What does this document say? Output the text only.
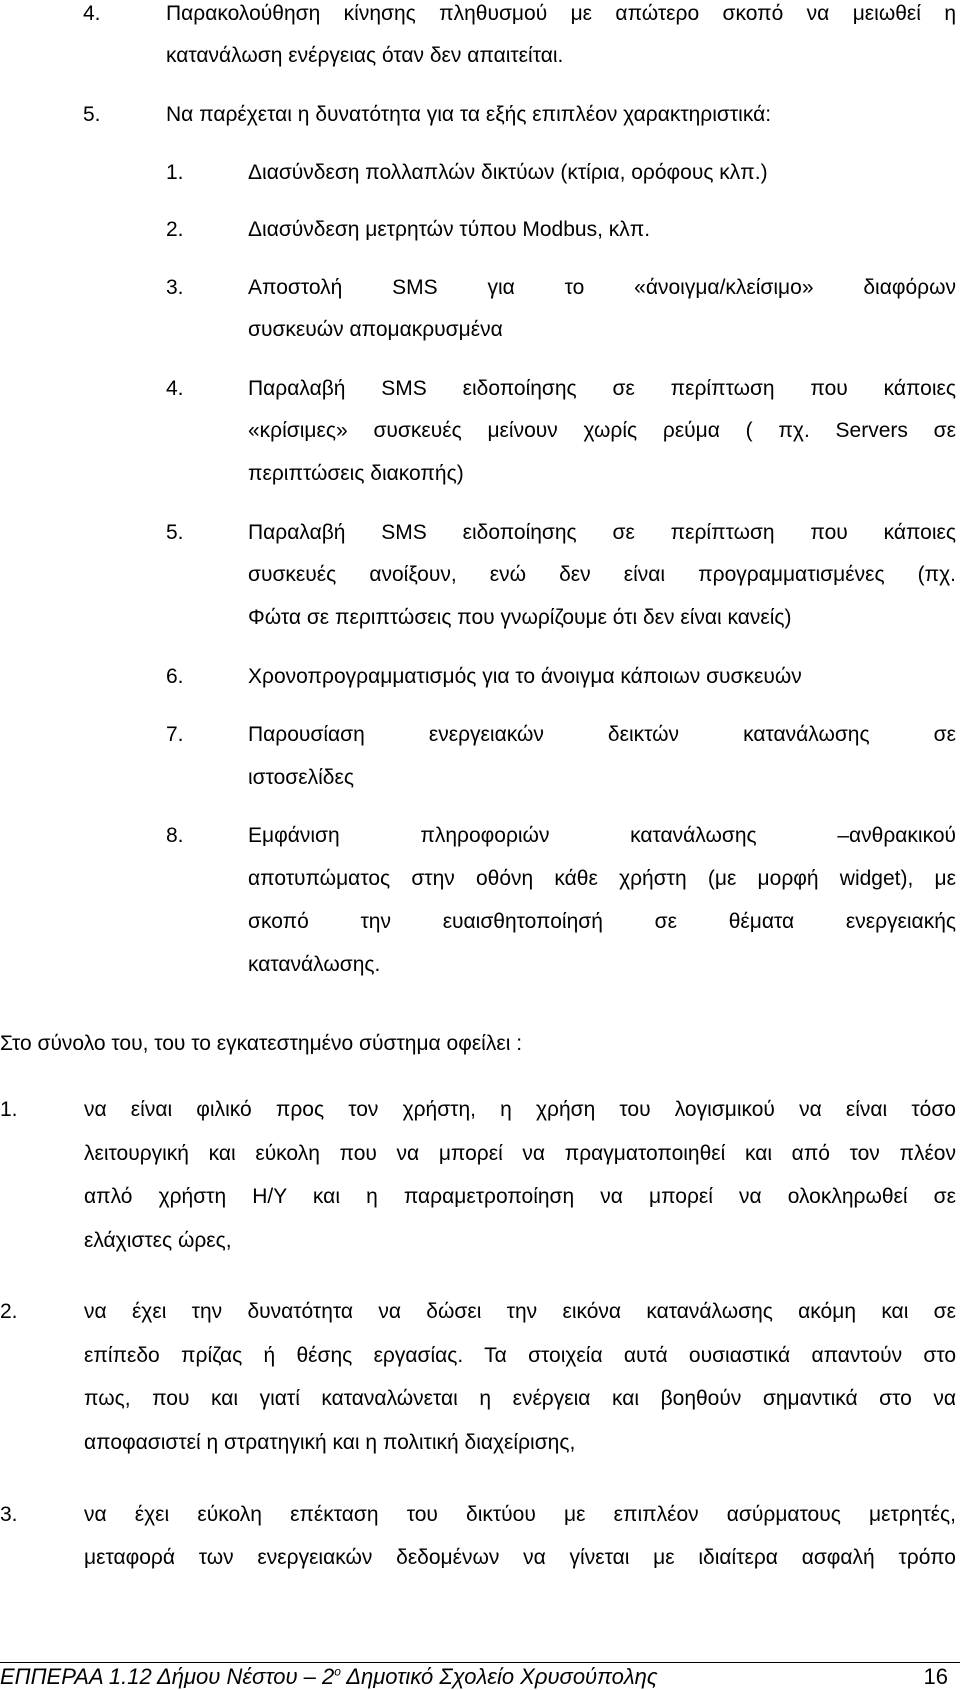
4.	Παρακολούθηση κίνησης πληθυσμού με απώτερο σκοπό να μειωθεί η
κατανάλωση ενέργειας όταν δεν απαιτείται.
5.	Να παρέχεται η δυνατότητα για τα εξής επιπλέον χαρακτηριστικά:
1.	Διασύνδεση πολλαπλών δικτύων (κτίρια, ορόφους κλπ.)
2.	Διασύνδεση μετρητών τύπου Modbus, κλπ.
3.	Αποστολή SMS για το «άνοιγμα/κλείσιμο» διαφόρων
συσκευών απομακρυσμένα
4.	Παραλαβή SMS ειδοποίησης σε περίπτωση που κάποιες
«κρίσιμες» συσκευές μείνουν χωρίς ρεύμα ( πχ. Servers σε
περιπτώσεις διακοπής)
5.	Παραλαβή SMS ειδοποίησης σε περίπτωση που κάποιες
συσκευές ανοίξουν, ενώ δεν είναι προγραμματισμένες (πχ.
Φώτα σε περιπτώσεις που γνωρίζουμε ότι δεν είναι κανείς)
6.	Χρονοπρογραμματισμός για το άνοιγμα κάποιων συσκευών
7.	Παρουσίαση ενεργειακών δεικτών κατανάλωσης σε
ιστοσελίδες
8.	Εμφάνιση πληροφοριών κατανάλωσης –ανθρακικού
αποτυπώματος στην οθόνη κάθε χρήστη (με μορφή widget), με
σκοπό την ευαισθητοποίησή σε θέματα ενεργειακής
κατανάλωσης.
Στο σύνολο του, του το εγκατεστημένο σύστημα οφείλει :
1.	να είναι φιλικό προς τον χρήστη, η χρήση του λογισμικού να είναι τόσο
λειτουργική και εύκολη που να μπορεί να πραγματοποιηθεί και από τον πλέον
απλό χρήστη Η/Υ και η παραμετροποίηση να μπορεί να ολοκληρωθεί σε
ελάχιστες ώρες,
2.	να έχει την δυνατότητα να δώσει την εικόνα κατανάλωσης ακόμη και σε
επίπεδο πρίζας ή θέσης εργασίας. Τα στοιχεία αυτά ουσιαστικά απαντούν στο
πως, που και γιατί καταναλώνεται η ενέργεια και βοηθούν σημαντικά στο να
αποφασιστεί η στρατηγική και η πολιτική διαχείρισης,
3.	να έχει εύκολη επέκταση του δικτύου με επιπλέον ασύρματους μετρητές,
μεταφορά των ενεργειακών δεδομένων να γίνεται με ιδιαίτερα ασφαλή τρόπο
ΕΠΠΕΡΑΑ 1.12 Δήμου Νέστου – $2^o$ Δημοτικό Σχολείο Χρυσούπολης	16
